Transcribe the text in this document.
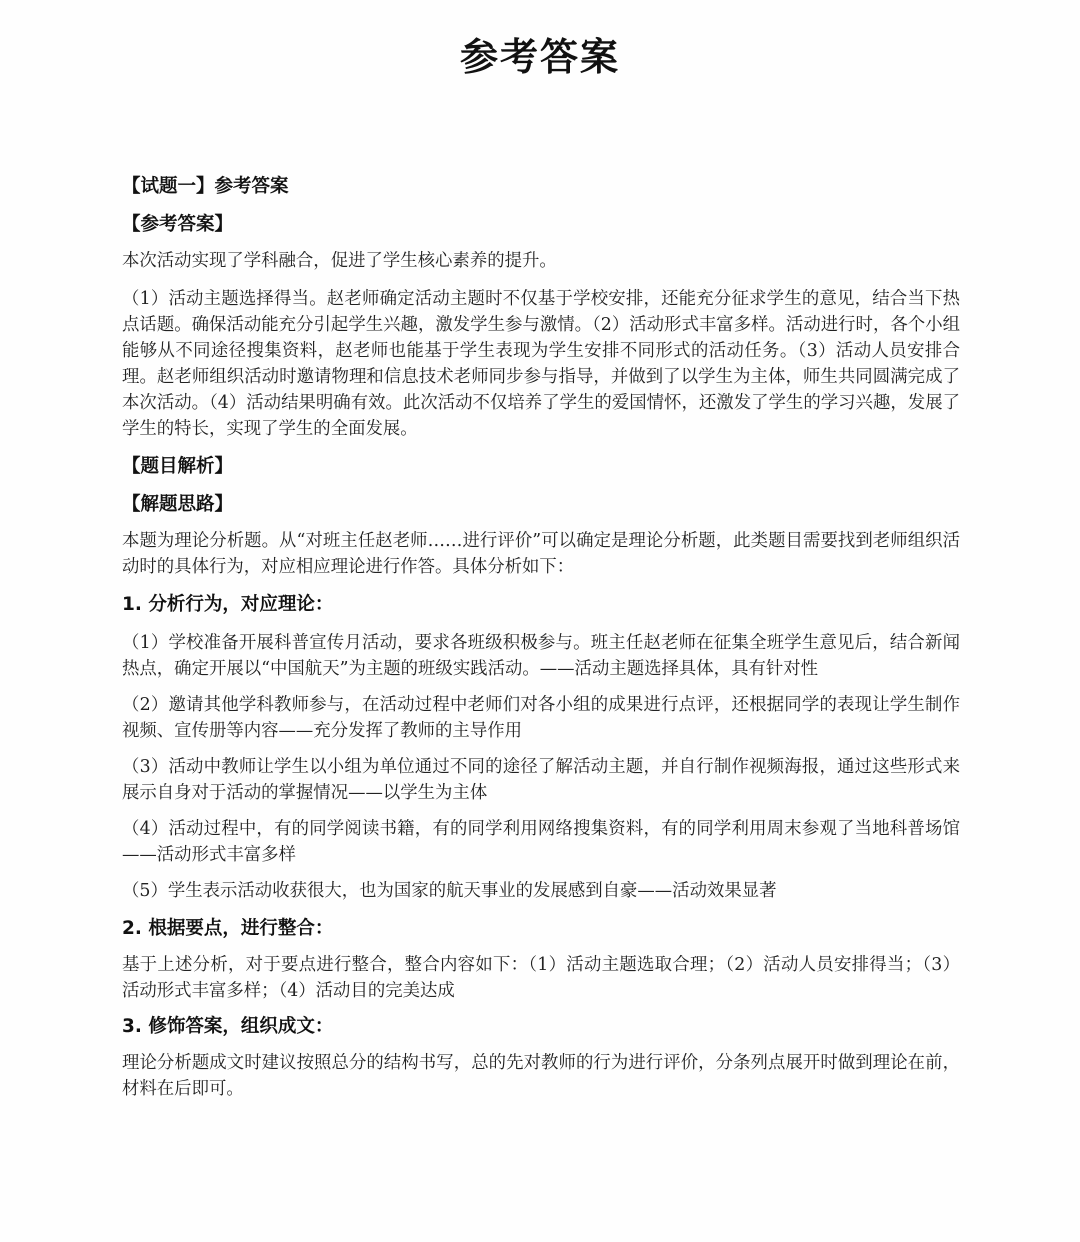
参考答案
【试题一】参考答案
【参考答案】

本次活动实现了学科融合，促进了学生核心素养的提升。

（1）活动主题选择得当。赵老师确定活动主题时不仅基于学校安排，还能充分征求学生的意见，结合当下热点话题。确保活动能充分引起学生兴趣，激发学生参与激情。（2）活动形式丰富多样。活动进行时，各个小组能够从不同途径搜集资料，赵老师也能基于学生表现为学生安排不同形式的活动任务。（3）活动人员安排合理。赵老师组织活动时邀请物理和信息技术老师同步参与指导，并做到了以学生为主体，师生共同圆满完成了本次活动。（4）活动结果明确有效。此次活动不仅培养了学生的爱国情怀，还激发了学生的学习兴趣，发展了学生的特长，实现了学生的全面发展。

【题目解析】
【解题思路】

本题为理论分析题。从“对班主任赵老师……进行评价”可以确定是理论分析题，此类题目需要找到老师组织活动时的具体行为，对应相应理论进行作答。具体分析如下：

1. 分析行为，对应理论：

（1）学校准备开展科普宣传月活动，要求各班级积极参与。班主任赵老师在征集全班学生意见后，结合新闻热点，确定开展以“中国航天”为主题的班级实践活动。——活动主题选择具体，具有针对性

（2）邀请其他学科教师参与，在活动过程中老师们对各小组的成果进行点评，还根据同学的表现让学生制作视频、宣传册等内容——充分发挥了教师的主导作用

（3）活动中教师让学生以小组为单位通过不同的途径了解活动主题，并自行制作视频海报，通过这些形式来展示自身对于活动的掌握情况——以学生为主体

（4）活动过程中，有的同学阅读书籍，有的同学利用网络搜集资料，有的同学利用周末参观了当地科普场馆——活动形式丰富多样

（5）学生表示活动收获很大，也为国家的航天事业的发展感到自豪——活动效果显著

2. 根据要点，进行整合：

基于上述分析，对于要点进行整合，整合内容如下：（1）活动主题选取合理；（2）活动人员安排得当；（3）活动形式丰富多样；（4）活动目的完美达成

3. 修饰答案，组织成文：

理论分析题成文时建议按照总分的结构书写，总的先对教师的行为进行评价，分条列点展开时做到理论在前，材料在后即可。
